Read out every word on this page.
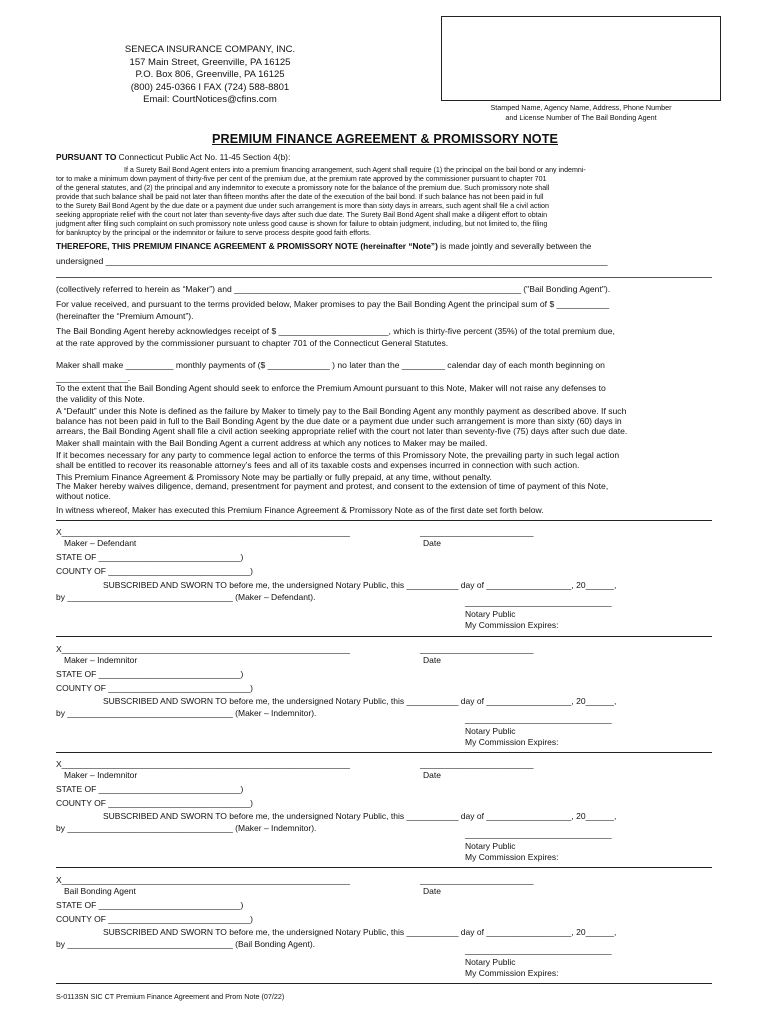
SENECA INSURANCE COMPANY, INC.
157 Main Street, Greenville, PA 16125
P.O. Box 806, Greenville, PA 16125
(800) 245-0366 I FAX (724) 588-8801
Email: CourtNotices@cfins.com
Stamped Name, Agency Name, Address, Phone Number
and License Number of The Bail Bonding Agent
PREMIUM FINANCE AGREEMENT & PROMISSORY NOTE
PURSUANT TO Connecticut Public Act No. 11-45 Section 4(b):
If a Surety Bail Bond Agent enters into a premium financing arrangement, such Agent shall require (1) the principal on the bail bond or any indemni-
tor to make a minimum down payment of thirty-five per cent of the premium due, at the premium rate approved by the commissioner pursuant to chapter 701
of the general statutes, and (2) the principal and any indemnitor to execute a promissory note for the balance of the premium due. Such promissory note shall
provide that such balance shall be paid not later than fifteen months after the date of the execution of the bail bond. If such balance has not been paid in full
to the Surety Bail Bond Agent by the due date or a payment due under such arrangement is more than sixty days in arrears, such agent shall file a civil action
seeking appropriate relief with the court not later than seventy-five days after such due date. The Surety Bail Bond Agent shall make a diligent effort to obtain
judgment after filing such complaint on such promissory note unless good cause is shown for failure to obtain judgment, including, but not limited to, the filing
for bankruptcy by the principal or the indemnitor or failure to serve process despite good faith efforts.
THEREFORE, THIS PREMIUM FINANCE AGREEMENT & PROMISSORY NOTE (hereinafter “Note”) is made jointly and severally between the
undersigned _________________________________________________________________________________________________________
(collectively referred to herein as “Maker”) and ____________________________________________________________ ("Bail Bonding Agent").
For value received, and pursuant to the terms provided below, Maker promises to pay the Bail Bonding Agent the principal sum of $ ___________
(hereinafter the “Premium Amount”).
The Bail Bonding Agent hereby acknowledges receipt of $ _______________________, which is thirty-five percent (35%) of the total premium due,
at the rate approved by the commissioner pursuant to chapter 701 of the Connecticut General Statutes.
Maker shall make __________ monthly payments of ($ _____________ ) no later than the _________ calendar day of each month beginning on
_______________.
To the extent that the Bail Bonding Agent should seek to enforce the Premium Amount pursuant to this Note, Maker will not raise any defenses to
the validity of this Note.
A “Default” under this Note is defined as the failure by Maker to timely pay to the Bail Bonding Agent any monthly payment as described above. If such
balance has not been paid in full to the Bail Bonding Agent by the due date or a payment due under such arrangement is more than sixty (60) days in
arrears, the Bail Bonding Agent shall file a civil action seeking appropriate relief with the court not later than seventy-five (75) days after such due date.
Maker shall maintain with the Bail Bonding Agent a current address at which any notices to Maker may be mailed.
If it becomes necessary for any party to commence legal action to enforce the terms of this Promissory Note, the prevailing party in such legal action
shall be entitled to recover its reasonable attorney’s fees and all of its taxable costs and expenses incurred in connection with such action.
This Premium Finance Agreement & Promissory Note may be partially or fully prepaid, at any time, without penalty.
The Maker hereby waives diligence, demand, presentment for payment and protest, and consent to the extension of time of payment of this Note,
without notice.
In witness whereof, Maker has executed this Premium Finance Agreement & Promissory Note as of the first date set forth below.
X_____________________________________________________________	________________________
Maker – Defendant	Date
STATE OF ______________________________)
COUNTY OF ______________________________)
SUBSCRIBED AND SWORN TO before me, the undersigned Notary Public, this ___________ day of __________________, 20______,
by ___________________________________ (Maker – Defendant).	_______________________________
Notary Public
My Commission Expires:
X_____________________________________________________________	________________________
Maker – Indemnitor	Date
STATE OF ______________________________)
COUNTY OF ______________________________)
SUBSCRIBED AND SWORN TO before me, the undersigned Notary Public, this ___________ day of __________________, 20______,
by ___________________________________ (Maker – Indemnitor).
_______________________________
Notary Public
My Commission Expires:
X_____________________________________________________________	________________________
Maker – Indemnitor	Date
STATE OF ______________________________)
COUNTY OF ______________________________)
SUBSCRIBED AND SWORN TO before me, the undersigned Notary Public, this ___________ day of __________________, 20______,
by ___________________________________ (Maker – Indemnitor).
_______________________________
Notary Public
My Commission Expires:
X_____________________________________________________________	________________________
Bail Bonding Agent	Date
STATE OF ______________________________)
COUNTY OF ______________________________)
SUBSCRIBED AND SWORN TO before me, the undersigned Notary Public, this ___________ day of __________________, 20______,
by ___________________________________ (Bail Bonding Agent).
_______________________________
Notary Public
My Commission Expires:
S-0113SN SIC CT Premium Finance Agreement and Prom Note (07/22)
